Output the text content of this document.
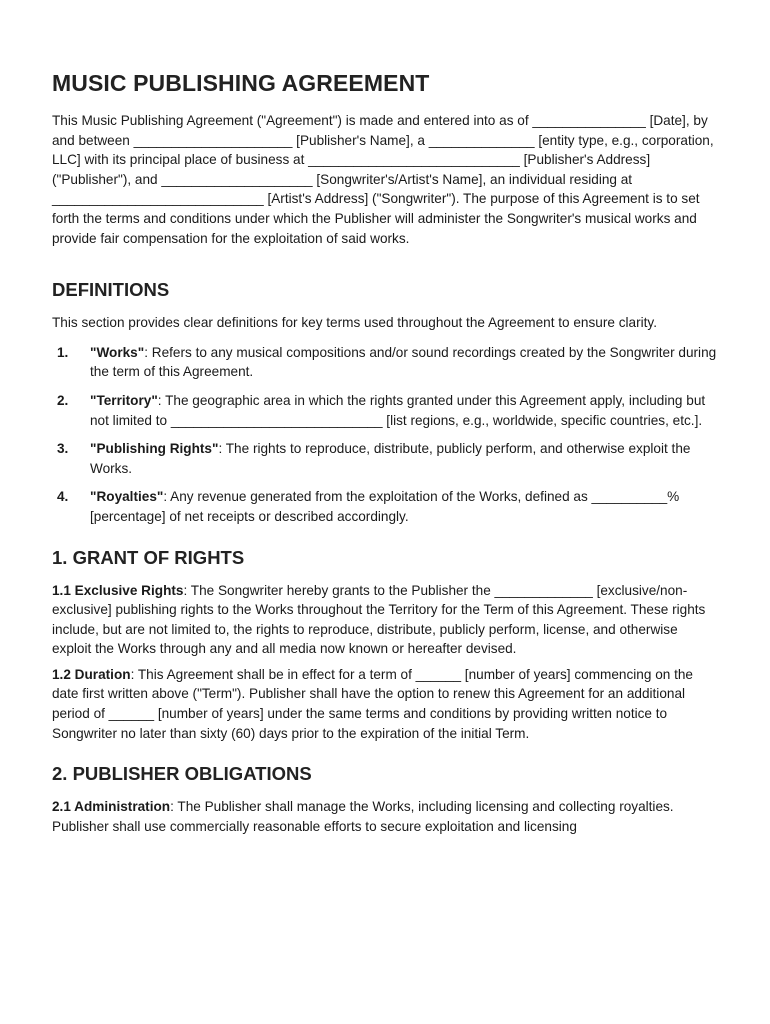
MUSIC PUBLISHING AGREEMENT

This Music Publishing Agreement ("Agreement") is made and entered into as of _______________ [Date], by and between _____________________ [Publisher's Name], a ______________ [entity type, e.g., corporation, LLC] with its principal place of business at ____________________________ [Publisher's Address] ("Publisher"), and ____________________ [Songwriter's/Artist's Name], an individual residing at ____________________________ [Artist's Address] ("Songwriter"). The purpose of this Agreement is to set forth the terms and conditions under which the Publisher will administer the Songwriter's musical works and provide fair compensation for the exploitation of said works.

DEFINITIONS

This section provides clear definitions for key terms used throughout the Agreement to ensure clarity.

1. "Works": Refers to any musical compositions and/or sound recordings created by the Songwriter during the term of this Agreement.
2. "Territory": The geographic area in which the rights granted under this Agreement apply, including but not limited to ____________________________ [list regions, e.g., worldwide, specific countries, etc.].
3. "Publishing Rights": The rights to reproduce, distribute, publicly perform, and otherwise exploit the Works.
4. "Royalties": Any revenue generated from the exploitation of the Works, defined as __________% [percentage] of net receipts or described accordingly.
1. GRANT OF RIGHTS

1.1 Exclusive Rights: The Songwriter hereby grants to the Publisher the _____________ [exclusive/non-exclusive] publishing rights to the Works throughout the Territory for the Term of this Agreement. These rights include, but are not limited to, the rights to reproduce, distribute, publicly perform, license, and otherwise exploit the Works through any and all media now known or hereafter devised.

1.2 Duration: This Agreement shall be in effect for a term of ______ [number of years] commencing on the date first written above ("Term"). Publisher shall have the option to renew this Agreement for an additional period of ______ [number of years] under the same terms and conditions by providing written notice to Songwriter no later than sixty (60) days prior to the expiration of the initial Term.

2. PUBLISHER OBLIGATIONS

2.1 Administration: The Publisher shall manage the Works, including licensing and collecting royalties. Publisher shall use commercially reasonable efforts to secure exploitation and licensing
